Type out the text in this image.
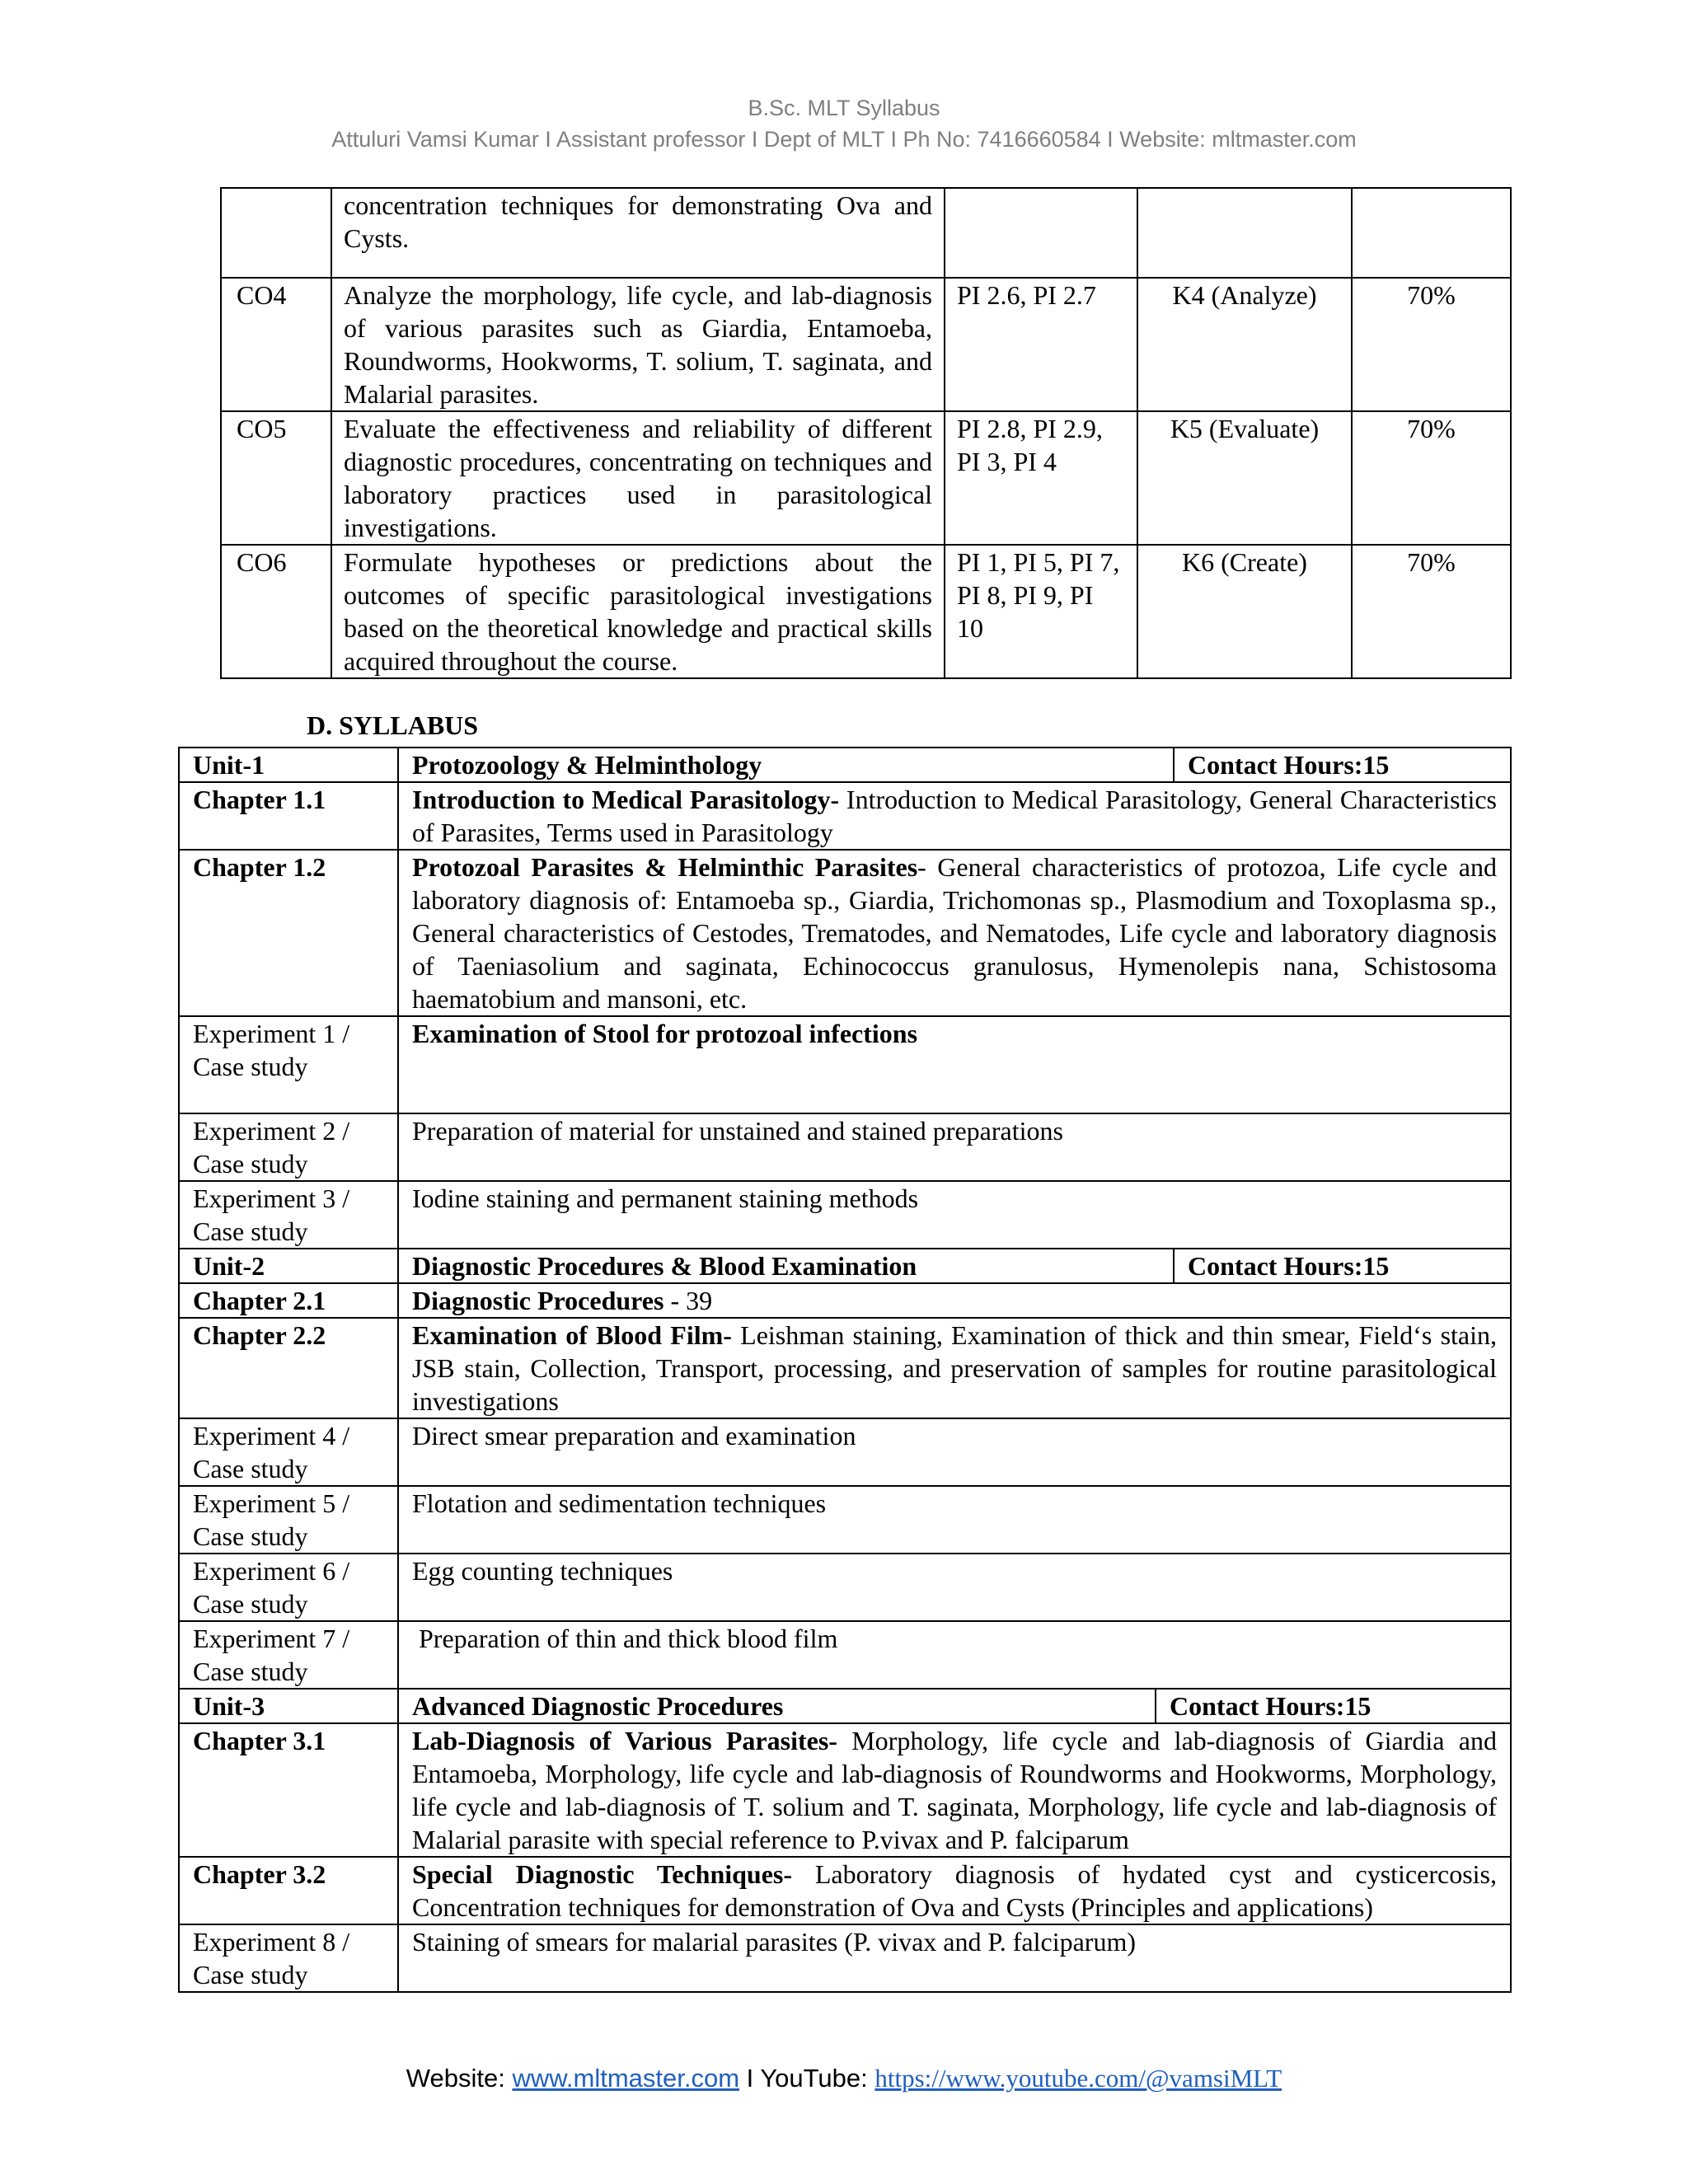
B.Sc. MLT Syllabus
Attuluri Vamsi Kumar I Assistant professor I Dept of MLT I Ph No: 7416660584 I Website: mltmaster.com
	concentration techniques for demonstrating Ova and Cysts.			
CO4	Analyze the morphology, life cycle, and lab-diagnosis of various parasites such as Giardia, Entamoeba, Roundworms, Hookworms, T. solium, T. saginata, and Malarial parasites.	PI 2.6, PI 2.7	K4 (Analyze)	70%
CO5	Evaluate the effectiveness and reliability of different diagnostic procedures, concentrating on techniques and laboratory practices used in parasitological investigations.	PI 2.8, PI 2.9, PI 3, PI 4	K5 (Evaluate)	70%
CO6	Formulate hypotheses or predictions about the outcomes of specific parasitological investigations based on the theoretical knowledge and practical skills acquired throughout the course.	PI 1, PI 5, PI 7, PI 8, PI 9, PI 10	K6 (Create)	70%
D. SYLLABUS
Unit-1		Protozoology & Helminthology	Contact Hours:15

Chapter 1.1	Introduction to Medical Parasitology- Introduction to Medical Parasitology, General Characteristics of Parasites, Terms used in Parasitology
Chapter 1.2	Protozoal Parasites & Helminthic Parasites- General characteristics of protozoa, Life cycle and laboratory diagnosis of: Entamoeba sp., Giardia, Trichomonas sp., Plasmodium and Toxoplasma sp., General characteristics of Cestodes, Trematodes, and Nematodes, Life cycle and laboratory diagnosis of Taeniasolium and saginata, Echinococcus granulosus, Hymenolepis nana, Schistosoma haematobium and mansoni, etc.
Experiment 1 / Case study	Examination of Stool for protozoal infections
Experiment 2 / Case study	Preparation of material for unstained and stained preparations
Experiment 3 / Case study	Iodine staining and permanent staining methods
Unit-2		Diagnostic Procedures & Blood Examination	Contact Hours:15

Chapter 2.1	Diagnostic Procedures - 39
Chapter 2.2	Examination of Blood Film- Leishman staining, Examination of thick and thin smear, Field‘s stain, JSB stain, Collection, Transport, processing, and preservation of samples for routine parasitological investigations
Experiment 4 / Case study	Direct smear preparation and examination
Experiment 5 / Case study	Flotation and sedimentation techniques
Experiment 6 / Case study	Egg counting techniques
Experiment 7 / Case study	Preparation of thin and thick blood film
Unit-3		Advanced Diagnostic Procedures	Contact Hours:15

Chapter 3.1	Lab-Diagnosis of Various Parasites- Morphology, life cycle and lab-diagnosis of Giardia and Entamoeba, Morphology, life cycle and lab-diagnosis of Roundworms and Hookworms, Morphology, life cycle and lab-diagnosis of T. solium and T. saginata, Morphology, life cycle and lab-diagnosis of Malarial parasite with special reference to P.vivax and P. falciparum
Chapter 3.2	Special Diagnostic Techniques- Laboratory diagnosis of hydated cyst and cysticercosis, Concentration techniques for demonstration of Ova and Cysts (Principles and applications)
Experiment 8 / Case study	Staining of smears for malarial parasites (P. vivax and P. falciparum)
Website: www.mltmaster.com I YouTube: https://www.youtube.com/@vamsiMLT
